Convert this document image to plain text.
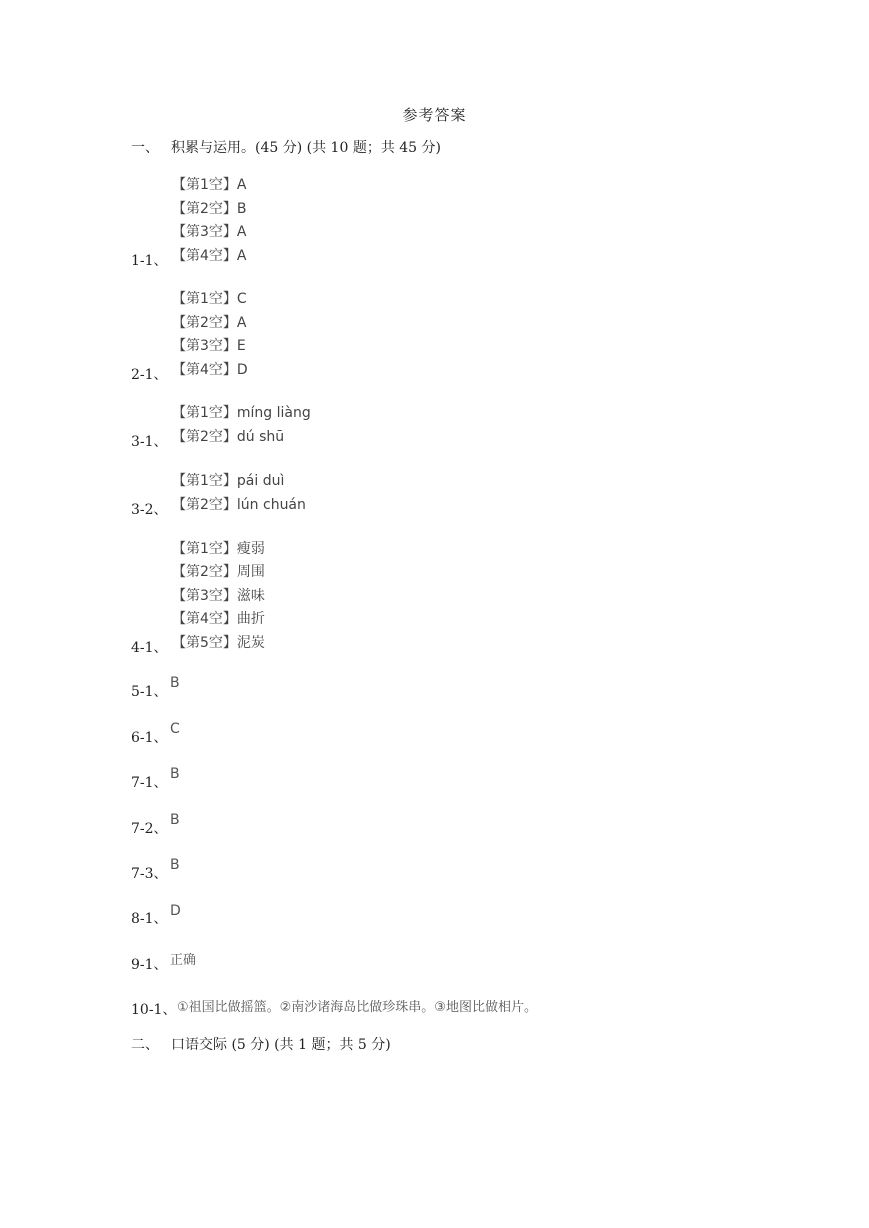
参考答案
一、 积累与运用。(45 分) (共 10 题；共 45 分)
【第1空】A
【第2空】B
【第3空】A
【第4空】A
1-1、
【第1空】C
【第2空】A
【第3空】E
【第4空】D
2-1、
【第1空】míng liàng
【第2空】dú shū
3-1、
【第1空】pái duì
【第2空】lún chuán
3-2、
【第1空】瘦弱
【第2空】周围
【第3空】滋味
【第4空】曲折
【第5空】泥炭
4-1、
5-1、
B
6-1、
C
7-1、
B
7-2、
B
7-3、
B
8-1、 D
9-1、 正确
10-1、 ①祖国比做摇篮。②南沙诸海岛比做珍珠串。③地图比做相片。
二、 口语交际 (5 分) (共 1 题；共 5 分)
